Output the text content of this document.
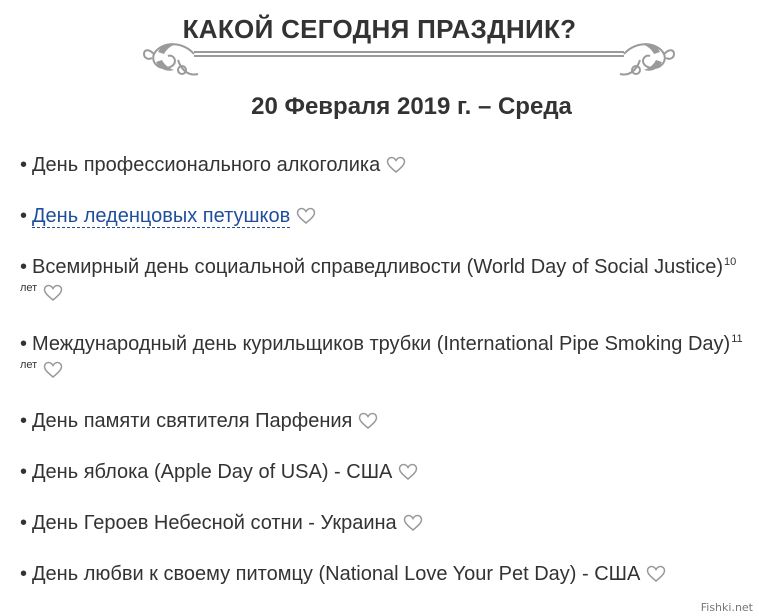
КАКОЙ СЕГОДНЯ ПРАЗДНИК?
20 Февраля 2019 г. – Среда
• День профессионального алкоголика
• День леденцовых петушков
• Всемирный день социальной справедливости (World Day of Social Justice)$^{10 лет}$
• Международный день курильщиков трубки (International Pipe Smoking Day)$^{11 лет}$
• День памяти святителя Парфения
• День яблока (Apple Day of USA) - США
• День Героев Небесной сотни - Украина
• День любви к своему питомцу (National Love Your Pet Day) - США
Fishki.net
